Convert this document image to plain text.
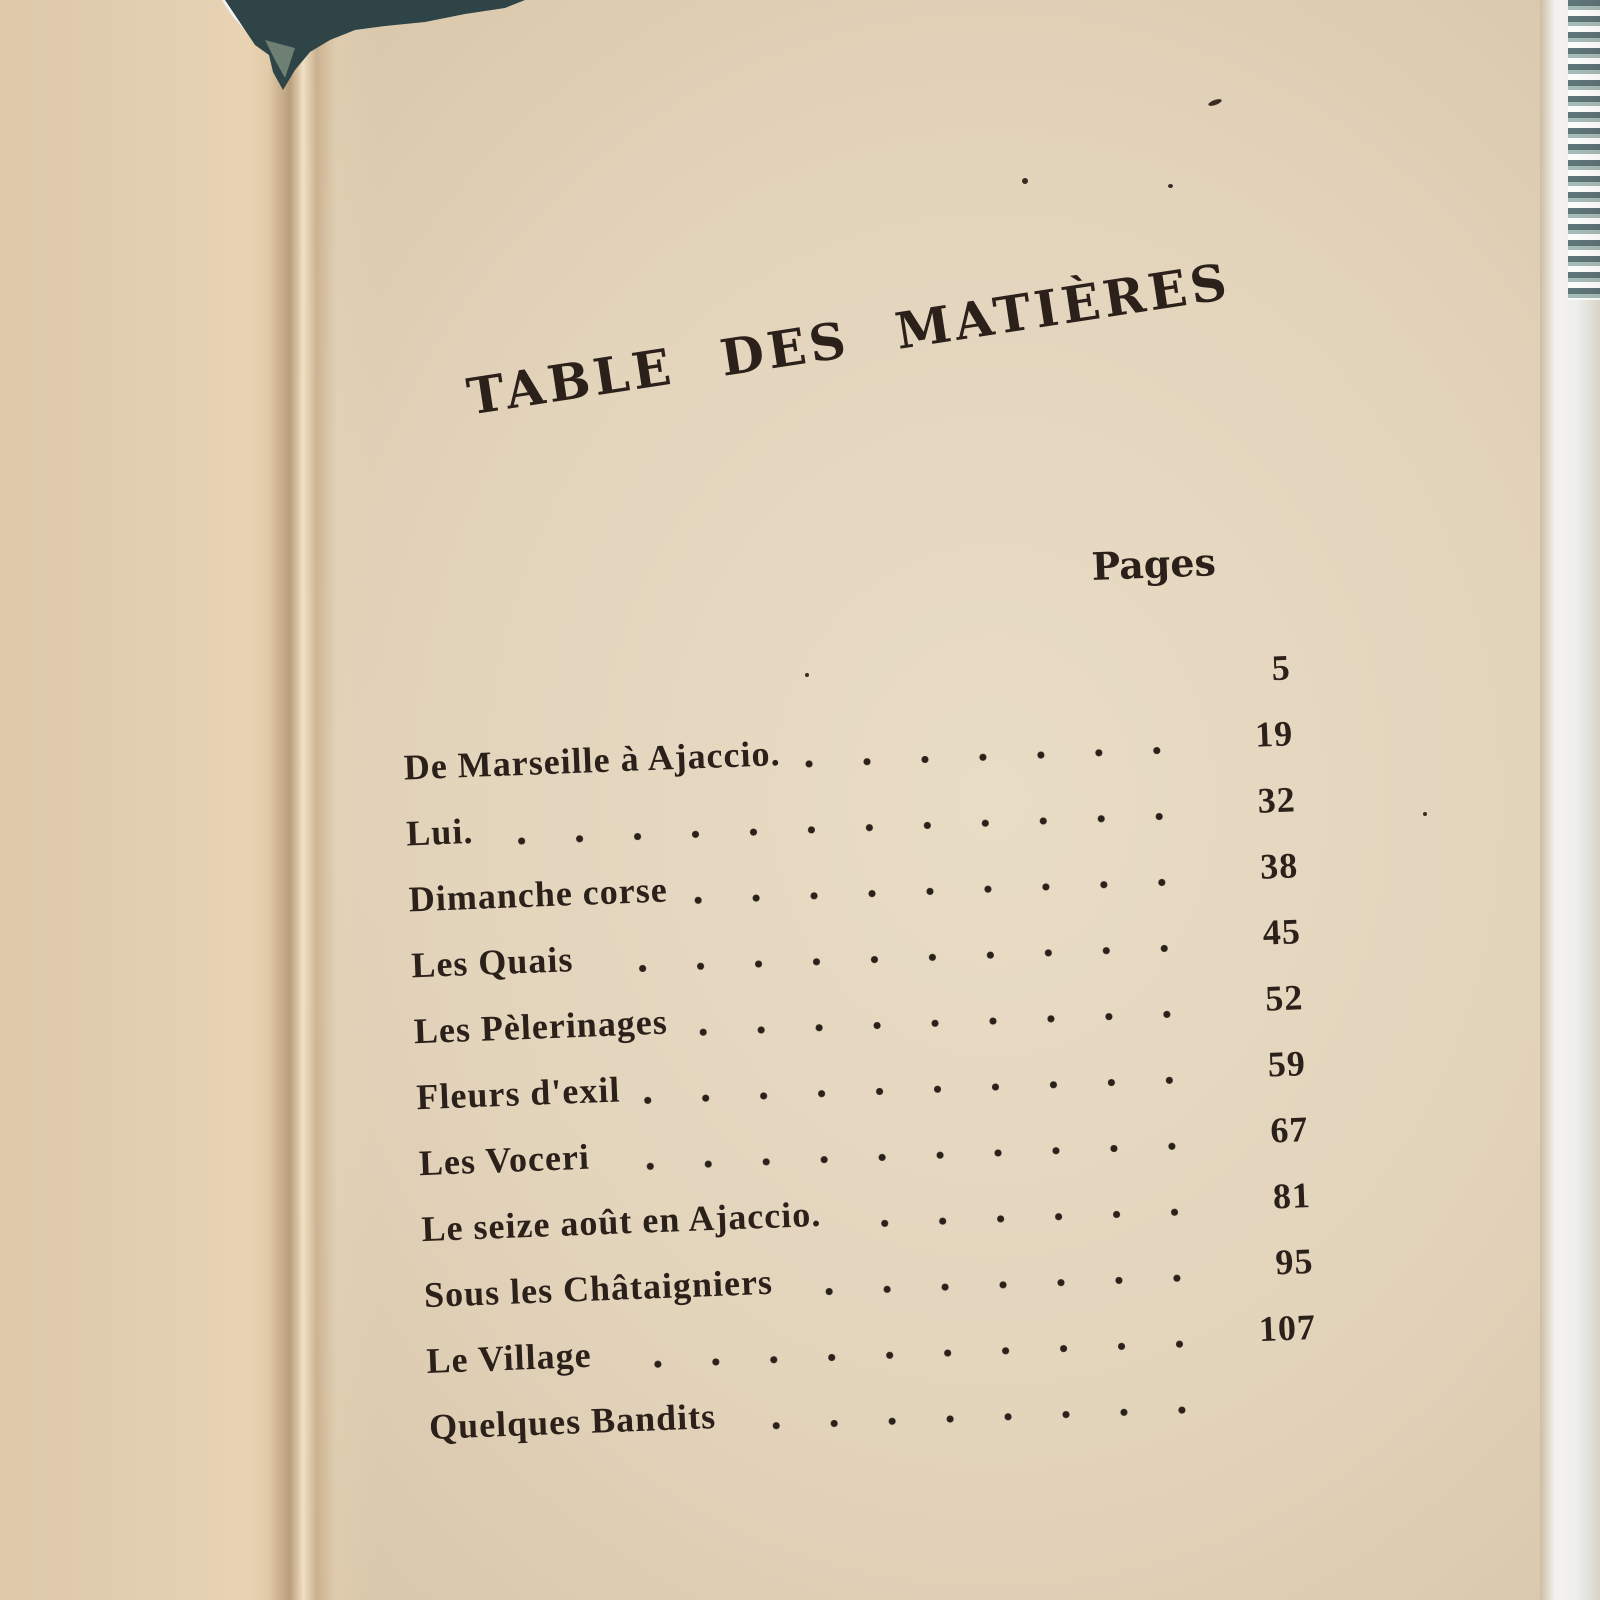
TABLE DES MATIÈRES
Pages
5
De Marseille à Ajaccio.	19
Lui.
32
Dimanche corse
38
Les Quais
45
Les Pèlerinages
52
Fleurs d'exil
59
Les Voceri
67
Le seize août en Ajaccio.	81
Sous les Châtaigniers
95
Le Village
107
Quelques Bandits
